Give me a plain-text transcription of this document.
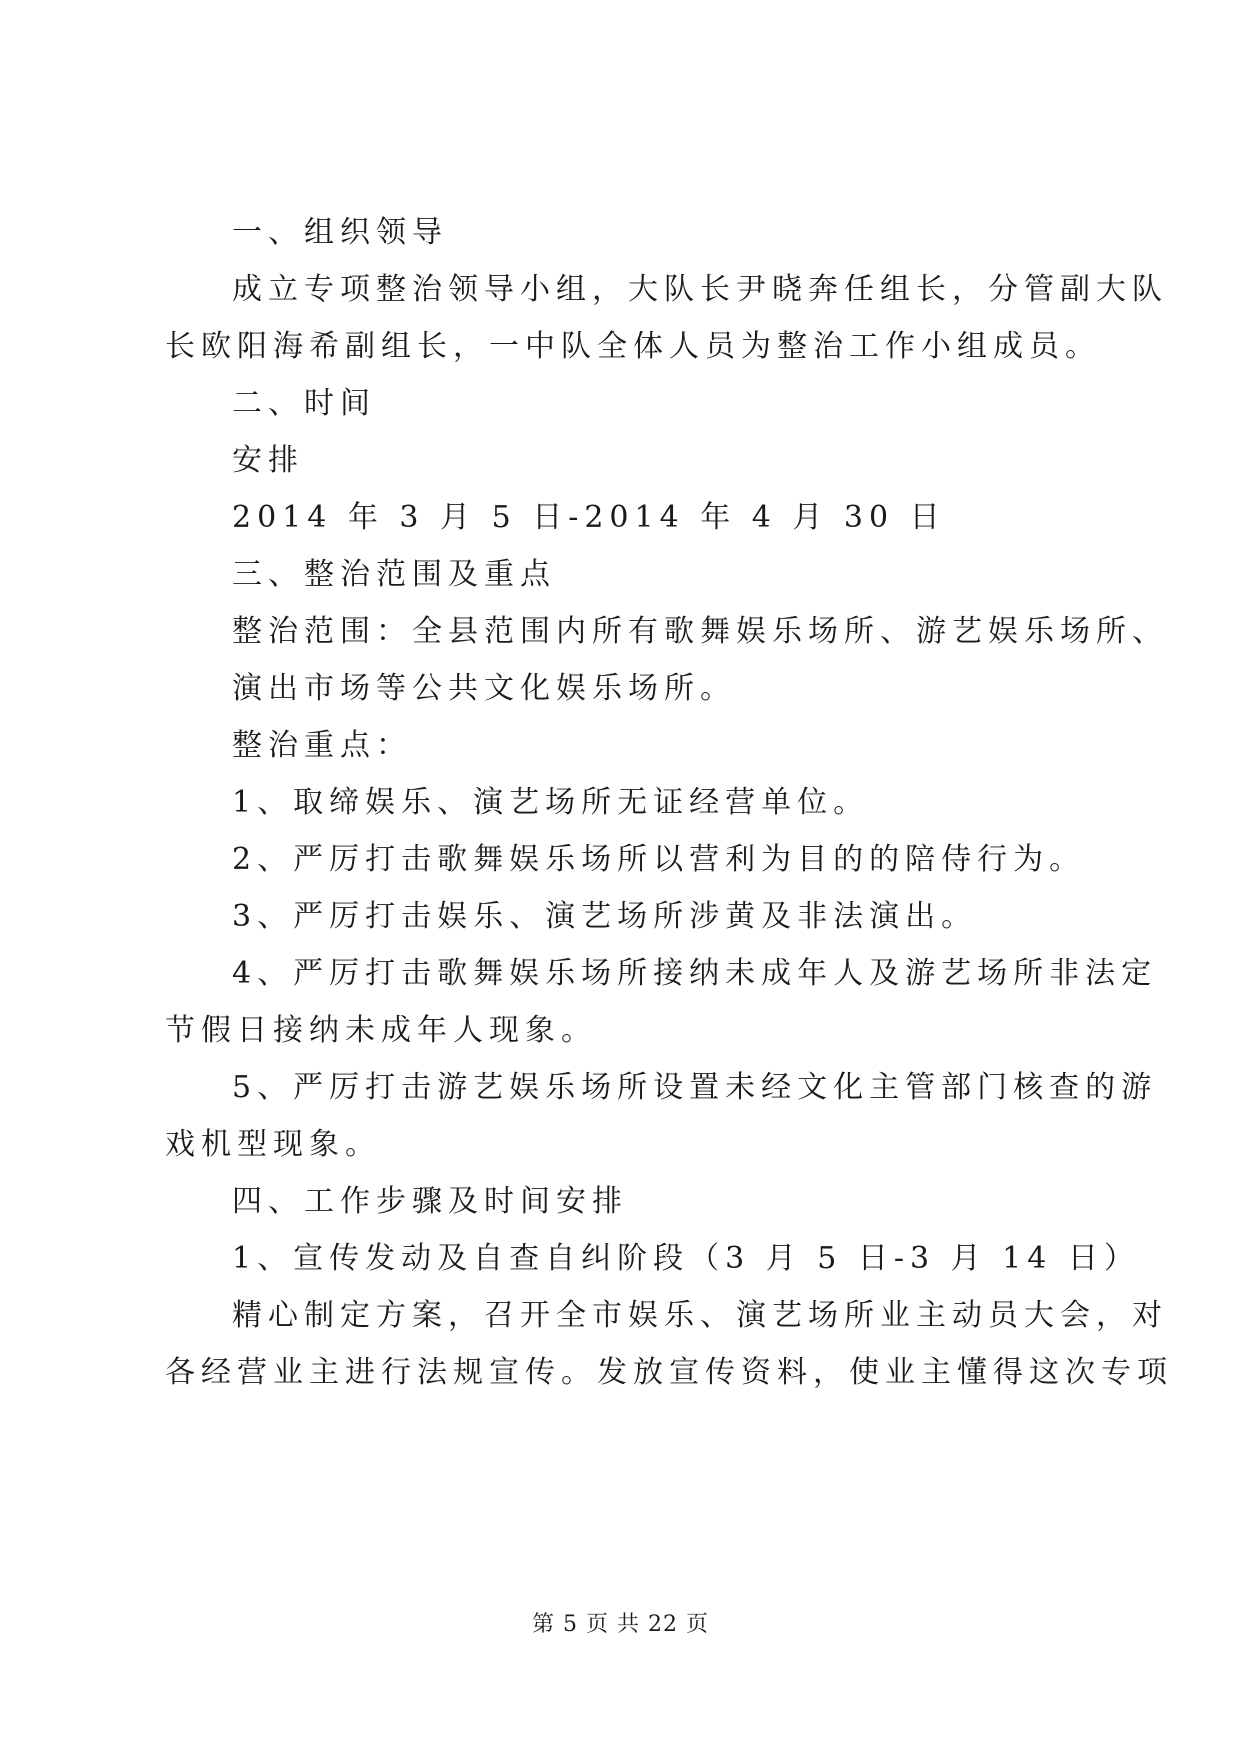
一、组织领导
成立专项整治领导小组，大队长尹晓奔任组长，分管副大队
长欧阳海希副组长，一中队全体人员为整治工作小组成员。
二、时间
安排
2014 年 3 月 5 日-2014 年 4 月 30 日
三、整治范围及重点
整治范围：全县范围内所有歌舞娱乐场所、游艺娱乐场所、
演出市场等公共文化娱乐场所。
整治重点：
1、取缔娱乐、演艺场所无证经营单位。
2、严厉打击歌舞娱乐场所以营利为目的的陪侍行为。
3、严厉打击娱乐、演艺场所涉黄及非法演出。
4、严厉打击歌舞娱乐场所接纳未成年人及游艺场所非法定
节假日接纳未成年人现象。
5、严厉打击游艺娱乐场所设置未经文化主管部门核查的游
戏机型现象。
四、工作步骤及时间安排
1、宣传发动及自查自纠阶段（3 月 5 日-3 月 14 日）
精心制定方案，召开全市娱乐、演艺场所业主动员大会，对
各经营业主进行法规宣传。发放宣传资料，使业主懂得这次专项
第 5 页 共 22 页
